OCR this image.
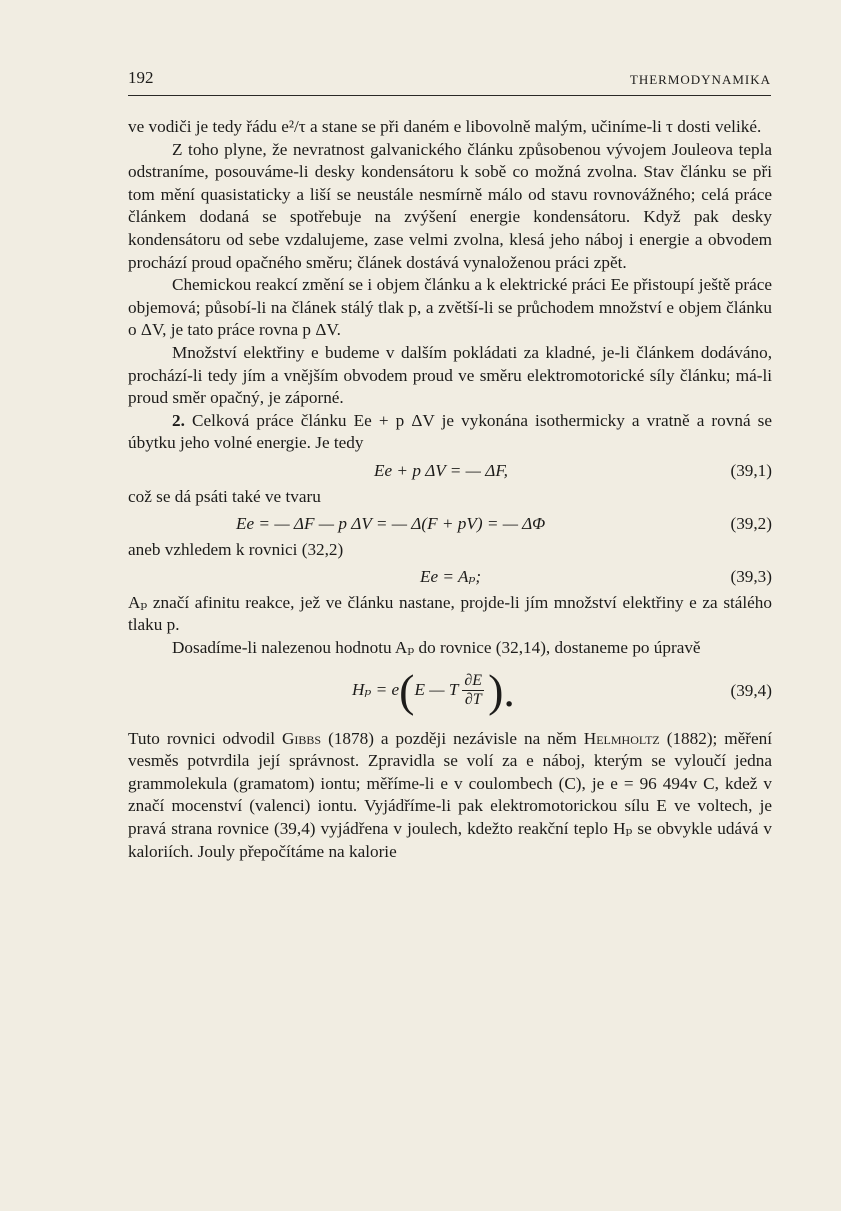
192	THERMODYNAMIKA

ve vodiči je tedy řádu e²/τ a stane se při daném e libovolně malým, učiníme-li τ dosti veliké.

Z toho plyne, že nevratnost galvanického článku způsobenou vývojem Jouleova tepla odstraníme, posouváme-li desky kondensátoru k sobě co možná zvolna. Stav článku se při tom mění quasistaticky a liší se neustále nesmírně málo od stavu rovnovážného; celá práce článkem dodaná se spotřebuje na zvýšení energie kondensátoru. Když pak desky kondensátoru od sebe vzdalujeme, zase velmi zvolna, klesá jeho náboj i energie a obvodem prochází proud opačného směru; článek dostává vynaloženou práci zpět.

Chemickou reakcí změní se i objem článku a k elektrické práci Ee přistoupí ještě práce objemová; působí-li na článek stálý tlak p, a zvětší-li se průchodem množství e objem článku o ΔV, je tato práce rovna p ΔV.

Množství elektřiny e budeme v dalším pokládati za kladné, je-li článkem dodáváno, prochází-li tedy jím a vnějším obvodem proud ve směru elektromotorické síly článku; má-li proud směr opačný, je záporné.

2. Celková práce článku Ee + p ΔV je vykonána isothermicky a vratně a rovná se úbytku jeho volné energie. Je tedy

Ee + p ΔV = — ΔF,	(39,1)

což se dá psáti také ve tvaru

Ee = — ΔF — p ΔV = — Δ(F + pV) = — ΔΦ	(39,2)

aneb vzhledem k rovnici (32,2)

Ee = Aₚ;	(39,3)

Aₚ značí afinitu reakce, jež ve článku nastane, projde-li jím množství elektřiny e za stálého tlaku p.

Dosadíme-li nalezenou hodnotu Aₚ do rovnice (32,14), dostaneme po úpravě

Hₚ = e ( E — T $\frac{\partial E}{\partial T}$ ).	(39,4)

Tuto rovnici odvodil Gibbs (1878) a později nezávisle na něm Helmholtz (1882); měření vesměs potvrdila její správnost. Zpravidla se volí za e náboj, kterým se vyloučí jedna grammolekula (gramatom) iontu; měříme-li e v coulombech (C), je e = 96 494v C, kdež v značí mocenství (valenci) iontu. Vyjádříme-li pak elektromotorickou sílu E ve voltech, je pravá strana rovnice (39,4) vyjádřena v joulech, kdežto reakční teplo Hₚ se obvykle udává v kaloriích. Jouly přepočítáme na kalorie
